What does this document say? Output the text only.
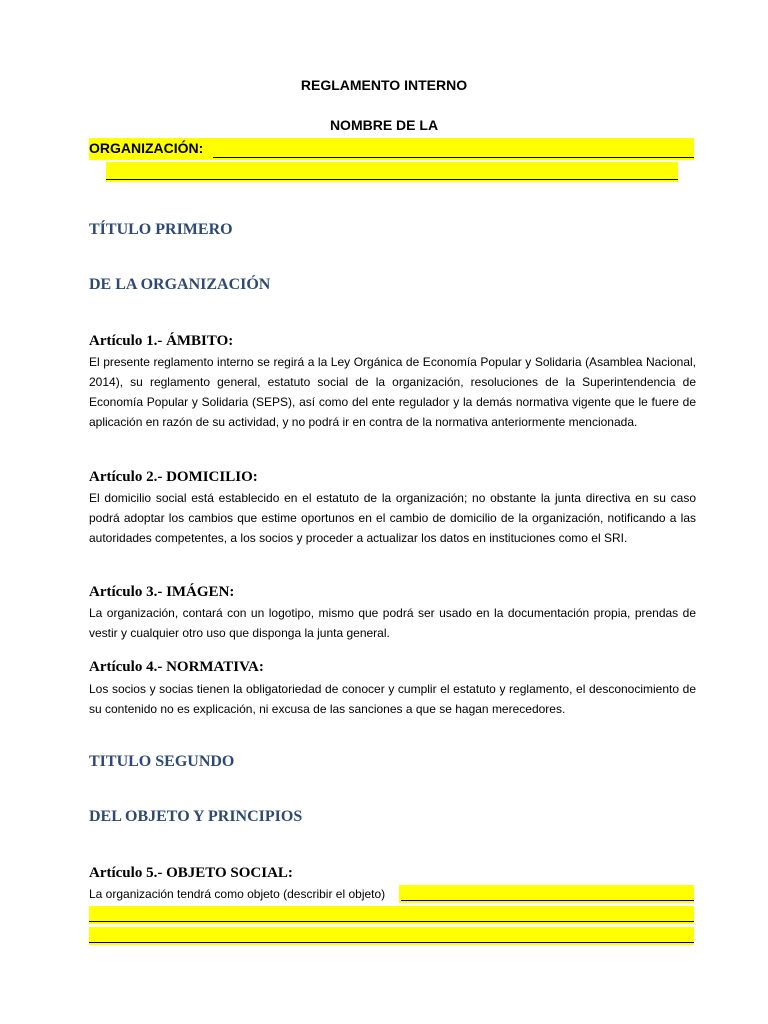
REGLAMENTO INTERNO
NOMBRE DE LA
ORGANIZACIÓN:
TÍTULO PRIMERO
DE LA ORGANIZACIÓN
Artículo 1.- ÁMBITO:
El presente reglamento interno se regirá a la Ley Orgánica de Economía Popular y Solidaria (Asamblea Nacional, 2014), su reglamento general, estatuto social de la organización, resoluciones de la Superintendencia de Economía Popular y Solidaria (SEPS), así como del ente regulador y la demás normativa vigente que le fuere de aplicación en razón de su actividad, y no podrá ir en contra de la normativa anteriormente mencionada.
Artículo 2.- DOMICILIO:
El domicilio social está establecido en el estatuto de la organización; no obstante la junta directiva en su caso podrá adoptar los cambios que estime oportunos en el cambio de domicilio de la organización, notificando a las autoridades competentes, a los socios y proceder a actualizar los datos en instituciones como el SRI.
Artículo 3.- IMÁGEN:
La organización, contará con un logotipo, mismo que podrá ser usado en la documentación propia, prendas de vestir y cualquier otro uso que disponga la junta general.
Artículo 4.- NORMATIVA:
Los socios y socias tienen la obligatoriedad de conocer y cumplir el estatuto y reglamento, el desconocimiento de su contenido no es explicación, ni excusa de las sanciones a que se hagan merecedores.
TITULO SEGUNDO
DEL OBJETO Y PRINCIPIOS
Artículo 5.- OBJETO SOCIAL:
La organización tendrá como objeto (describir el objeto)
